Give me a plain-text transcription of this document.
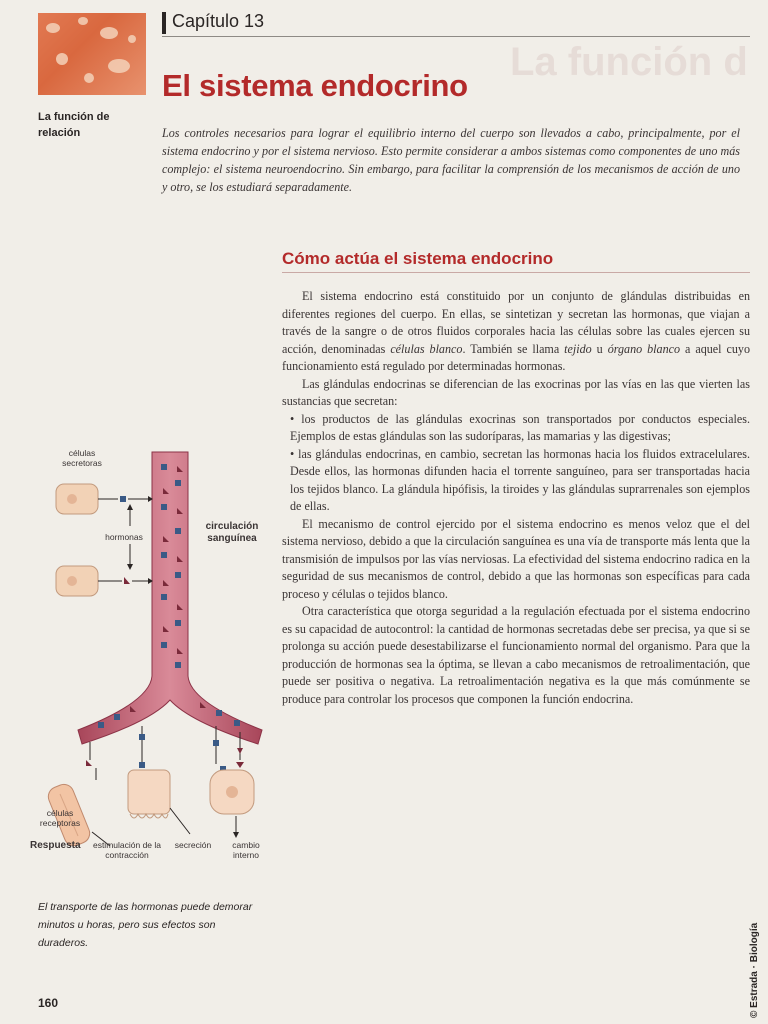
Capítulo 13
La función d
El sistema endocrino
La función de relación	Los controles necesarios para lograr el equilibrio interno del cuerpo son llevados a cabo, principalmente, por el sistema endocrino y por el sistema nervioso. Esto permite considerar a ambos sistemas como componentes de uno más complejo: el sistema neuroendocrino. Sin embargo, para facilitar la comprensión de los mecanismos de acción de uno y otro, se los estudiará separadamente.
Cómo actúa el sistema endocrino

El sistema endocrino está constituido por un conjunto de glándulas distribuidas en diferentes regiones del cuerpo. En ellas, se sintetizan y secretan las hormonas, que viajan a través de la sangre o de otros fluidos corporales hacia las células sobre las cuales ejercen su acción, denominadas células blanco. También se llama tejido u órgano blanco a aquel cuyo funcionamiento está regulado por determinadas hormonas.

Las glándulas endocrinas se diferencian de las exocrinas por las vías en las que vierten las sustancias que secretan:

• los productos de las glándulas exocrinas son transportados por conductos especiales. Ejemplos de estas glándulas son las sudoríparas, las mamarias y las digestivas;

• las glándulas endocrinas, en cambio, secretan las hormonas hacia los fluidos extracelulares. Desde ellos, las hormonas difunden hacia el torrente sanguíneo, para ser transportadas hacia los tejidos blanco. La glándula hipófisis, la tiroides y las glándulas suprarrenales son ejemplos de ellas.

El mecanismo de control ejercido por el sistema endocrino es menos veloz que el del sistema nervioso, debido a que la circulación sanguínea es una vía de transporte más lenta que la transmisión de impulsos por las vías nerviosas. La efectividad del sistema endocrino radica en la seguridad de sus mecanismos de control, debido a que las hormonas son específicas para cada proceso y células o tejidos blanco.

Otra característica que otorga seguridad a la regulación efectuada por el sistema endocrino es su capacidad de autocontrol: la cantidad de hormonas secretadas debe ser precisa, ya que si se prolonga su acción puede desestabilizarse el funcionamiento normal del organismo. Para que la producción de hormonas sea la óptima, se llevan a cabo mecanismos de retroalimentación, que puede ser positiva o negativa. La retroalimentación negativa es la que más comúnmente se produce para controlar los procesos que componen la función endocrina.

células secretoras
hormonas
circulación sanguínea
células receptoras
Respuesta	estimulación de la contracción
secreción	cambio interno
El transporte de las hormonas puede demorar minutos u horas, pero sus efectos son duraderos.
160	© Estrada · Biología
